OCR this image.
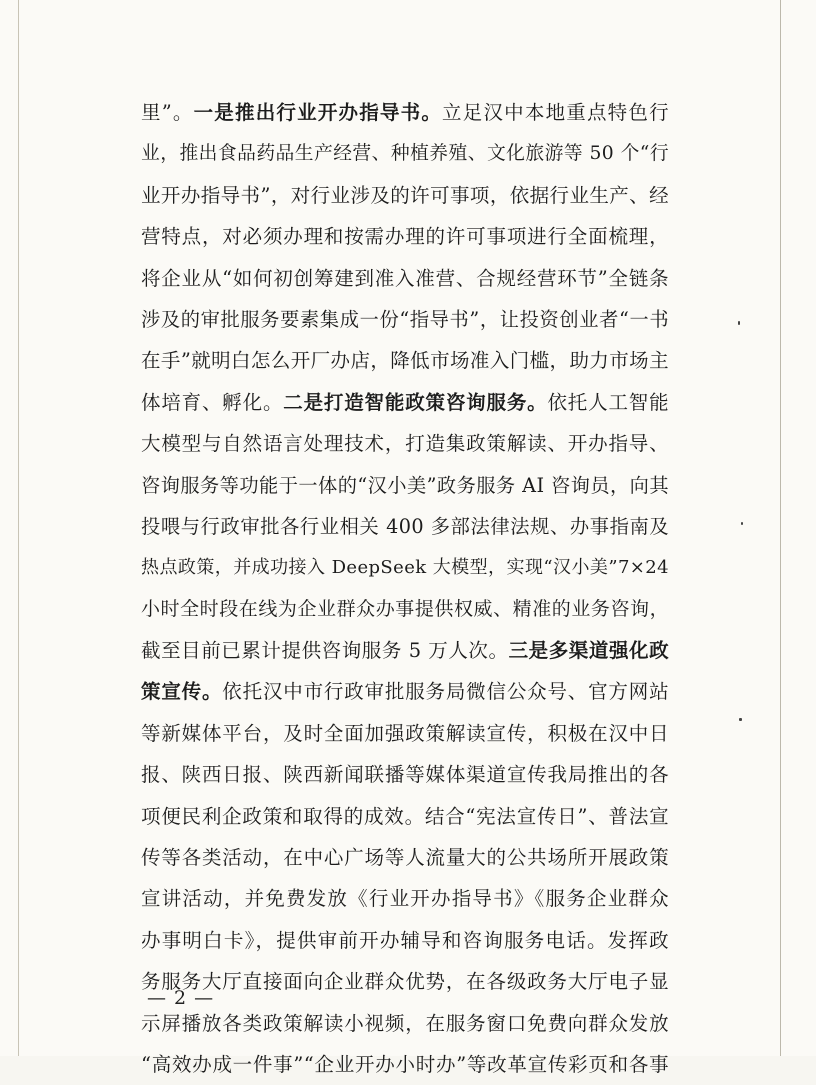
里”。一是推出行业开办指导书。立足汉中本地重点特色行
业，推出食品药品生产经营、种植养殖、文化旅游等 50 个“行
业开办指导书”，对行业涉及的许可事项，依据行业生产、经
营特点，对必须办理和按需办理的许可事项进行全面梳理，
将企业从“如何初创筹建到准入准营、合规经营环节”全链条
涉及的审批服务要素集成一份“指导书”，让投资创业者“一书
在手”就明白怎么开厂办店，降低市场准入门槛，助力市场主
体培育、孵化。二是打造智能政策咨询服务。依托人工智能
大模型与自然语言处理技术，打造集政策解读、开办指导、
咨询服务等功能于一体的“汉小美”政务服务 AI 咨询员，向其
投喂与行政审批各行业相关 400 多部法律法规、办事指南及
热点政策，并成功接入 DeepSeek 大模型，实现“汉小美”7×24
小时全时段在线为企业群众办事提供权威、精准的业务咨询，
截至目前已累计提供咨询服务 5 万人次。三是多渠道强化政
策宣传。依托汉中市行政审批服务局微信公众号、官方网站
等新媒体平台，及时全面加强政策解读宣传，积极在汉中日
报、陕西日报、陕西新闻联播等媒体渠道宣传我局推出的各
项便民利企政策和取得的成效。结合“宪法宣传日”、普法宣
传等各类活动，在中心广场等人流量大的公共场所开展政策
宣讲活动，并免费发放《行业开办指导书》《服务企业群众
办事明白卡》，提供审前开办辅导和咨询服务电话。发挥政
务服务大厅直接面向企业群众优势，在各级政务大厅电子显
示屏播放各类政策解读小视频，在服务窗口免费向群众发放
“高效办成一件事”“企业开办小时办”等改革宣传彩页和各事
— 2 —
